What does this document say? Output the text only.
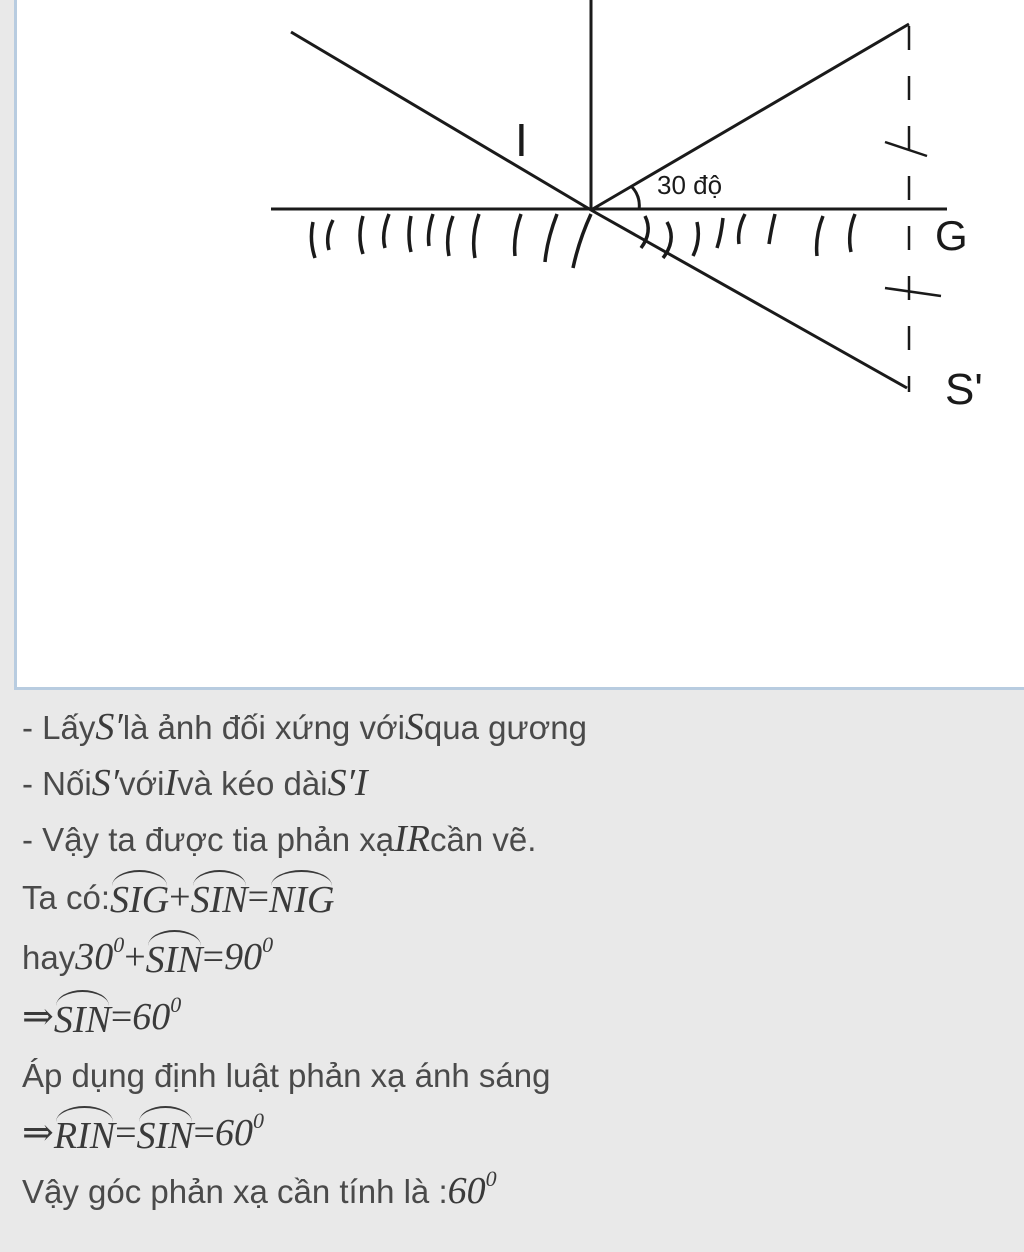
I
30 độ
G
S'
- Lấy S′ là ảnh đối xứng với S qua gương
- Nối S′ với I và kéo dài S′I
- Vậy ta được tia phản xạ IR cần vẽ.
Ta có: SIG + SIN = NIG
hay $30^0$ + SIN = $90^0$
⇒ SIN = $60^0$
Áp dụng định luật phản xạ ánh sáng
⇒ RIN = SIN = $60^0$
Vậy góc phản xạ cần tính là : $60^0$
